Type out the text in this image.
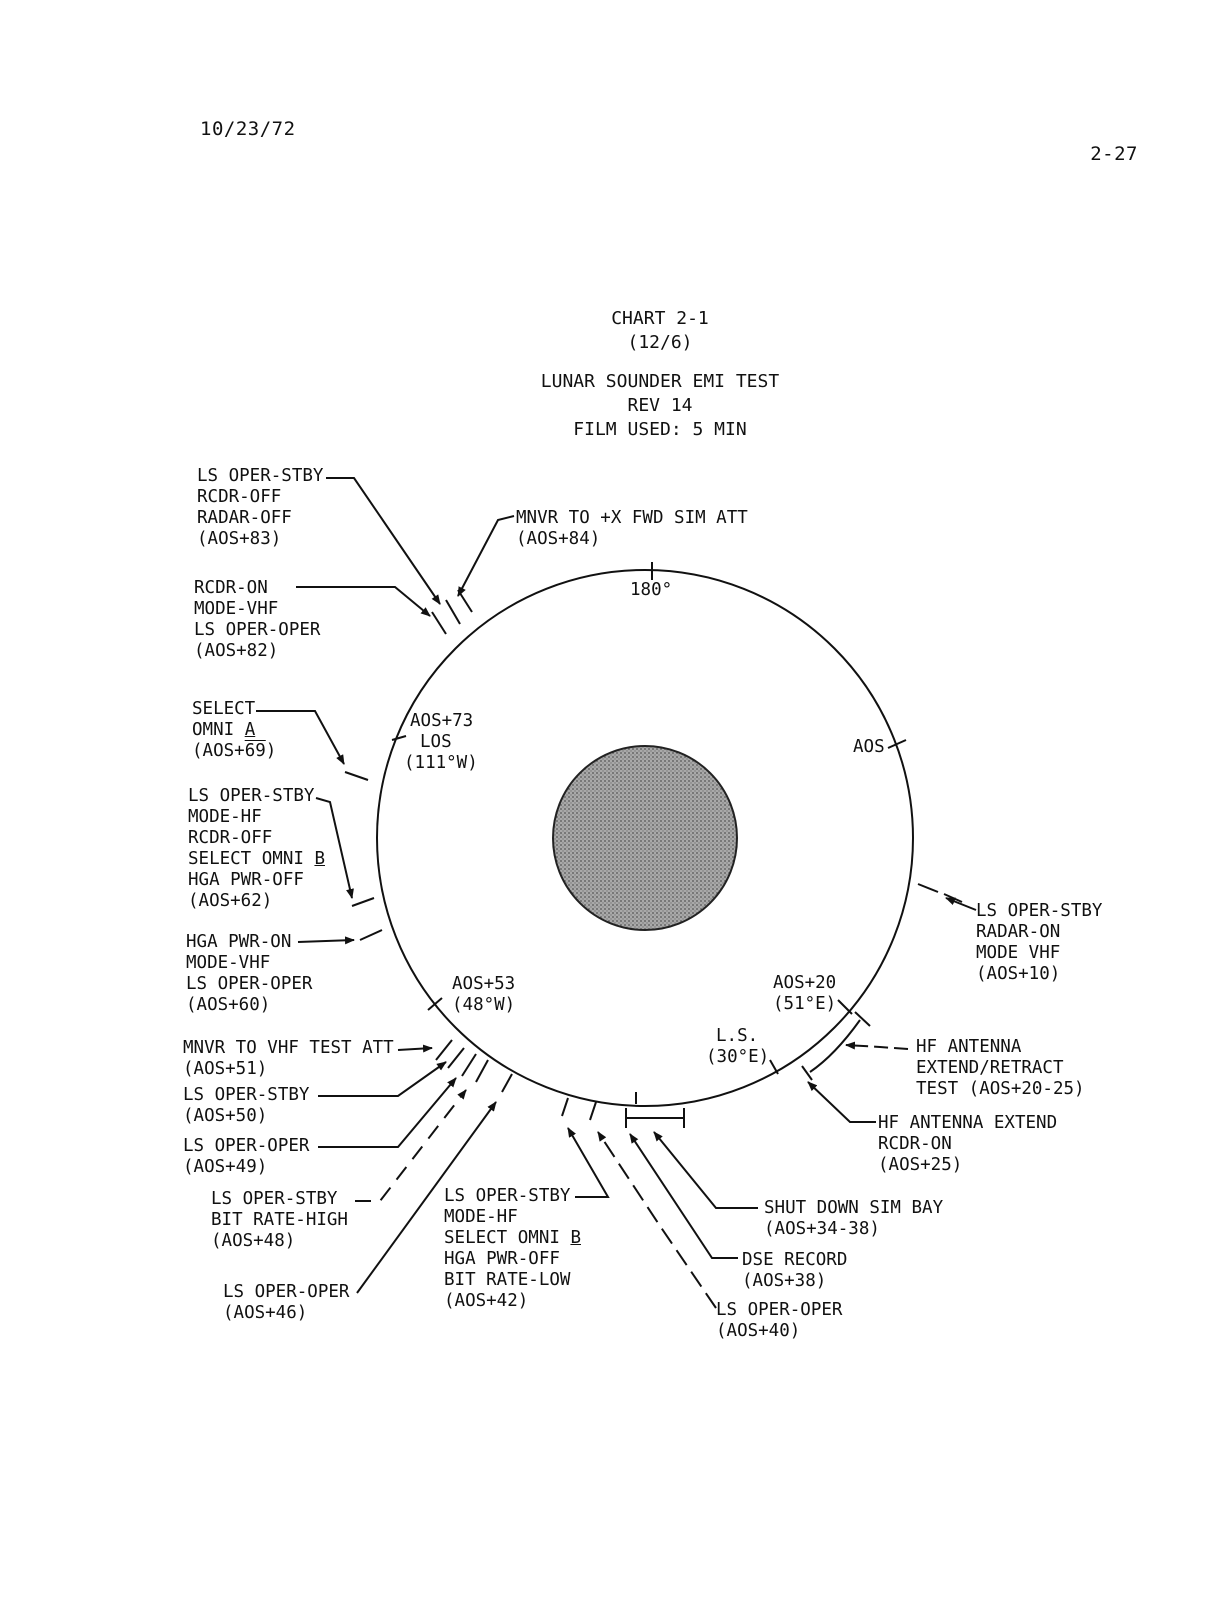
10/23/72
2-27
CHART 2-1
(12/6)
LUNAR SOUNDER EMI TEST
REV 14
FILM USED: 5 MIN
180°
AOS
AOS+73
LOS
(111°W)
AOS+53
(48°W)
AOS+20
(51°E)
L.S.
(30°E)
LS OPER-STBY
RCDR-OFF
RADAR-OFF
(AOS+83)
MNVR TO +X FWD SIM ATT
(AOS+84)
RCDR-ON
MODE-VHF
LS OPER-OPER
(AOS+82)
SELECT
OMNI A
(AOS+69)
LS OPER-STBY
MODE-HF
RCDR-OFF
SELECT OMNI B
HGA PWR-OFF
(AOS+62)
HGA PWR-ON
MODE-VHF
LS OPER-OPER
(AOS+60)
MNVR TO VHF TEST ATT
(AOS+51)
LS OPER-STBY
(AOS+50)
LS OPER-OPER
(AOS+49)
LS OPER-STBY
BIT RATE-HIGH
(AOS+48)
LS OPER-OPER
(AOS+46)
LS OPER-STBY
MODE-HF
SELECT OMNI B
HGA PWR-OFF
BIT RATE-LOW
(AOS+42)	LS OPER-OPER
(AOS+40)
DSE RECORD
(AOS+38)
SHUT DOWN SIM BAY
(AOS+34-38)
HF ANTENNA EXTEND
RCDR-ON
(AOS+25)
HF ANTENNA
EXTEND/RETRACT
TEST (AOS+20-25)
LS OPER-STBY
RADAR-ON
MODE VHF
(AOS+10)
